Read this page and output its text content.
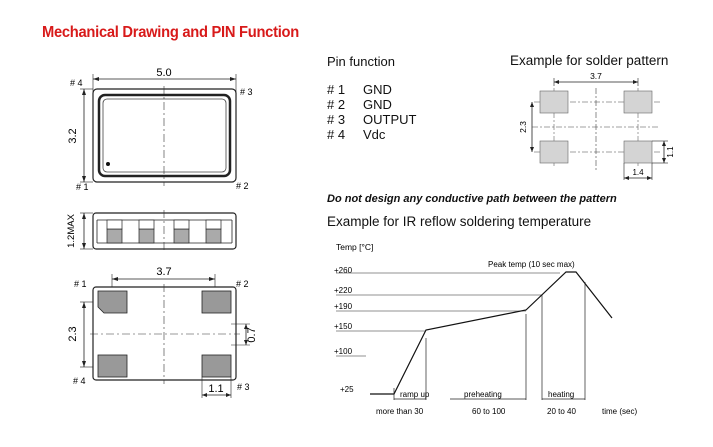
Mechanical Drawing and PIN Function
5.0
3.2
# 4
# 3
# 1	# 2
1.2MAX
3.7
2.3	0.7
1.1
# 1	# 2
# 3
# 4
Pin function
# 1 GND
# 2 GND
# 3 OUTPUT
# 4 Vdc
Example for solder pattern
3.7
2.3
1.1
1.4
Do not design any conductive path between the pattern
Example for IR reflow soldering temperature
Temp [°C]
+260
+220
+190
+150
+100
+25
Peak temp (10 sec max)
ramp up	preheating	heating
more than 30	60 to 100	20 to 40	time (sec)
